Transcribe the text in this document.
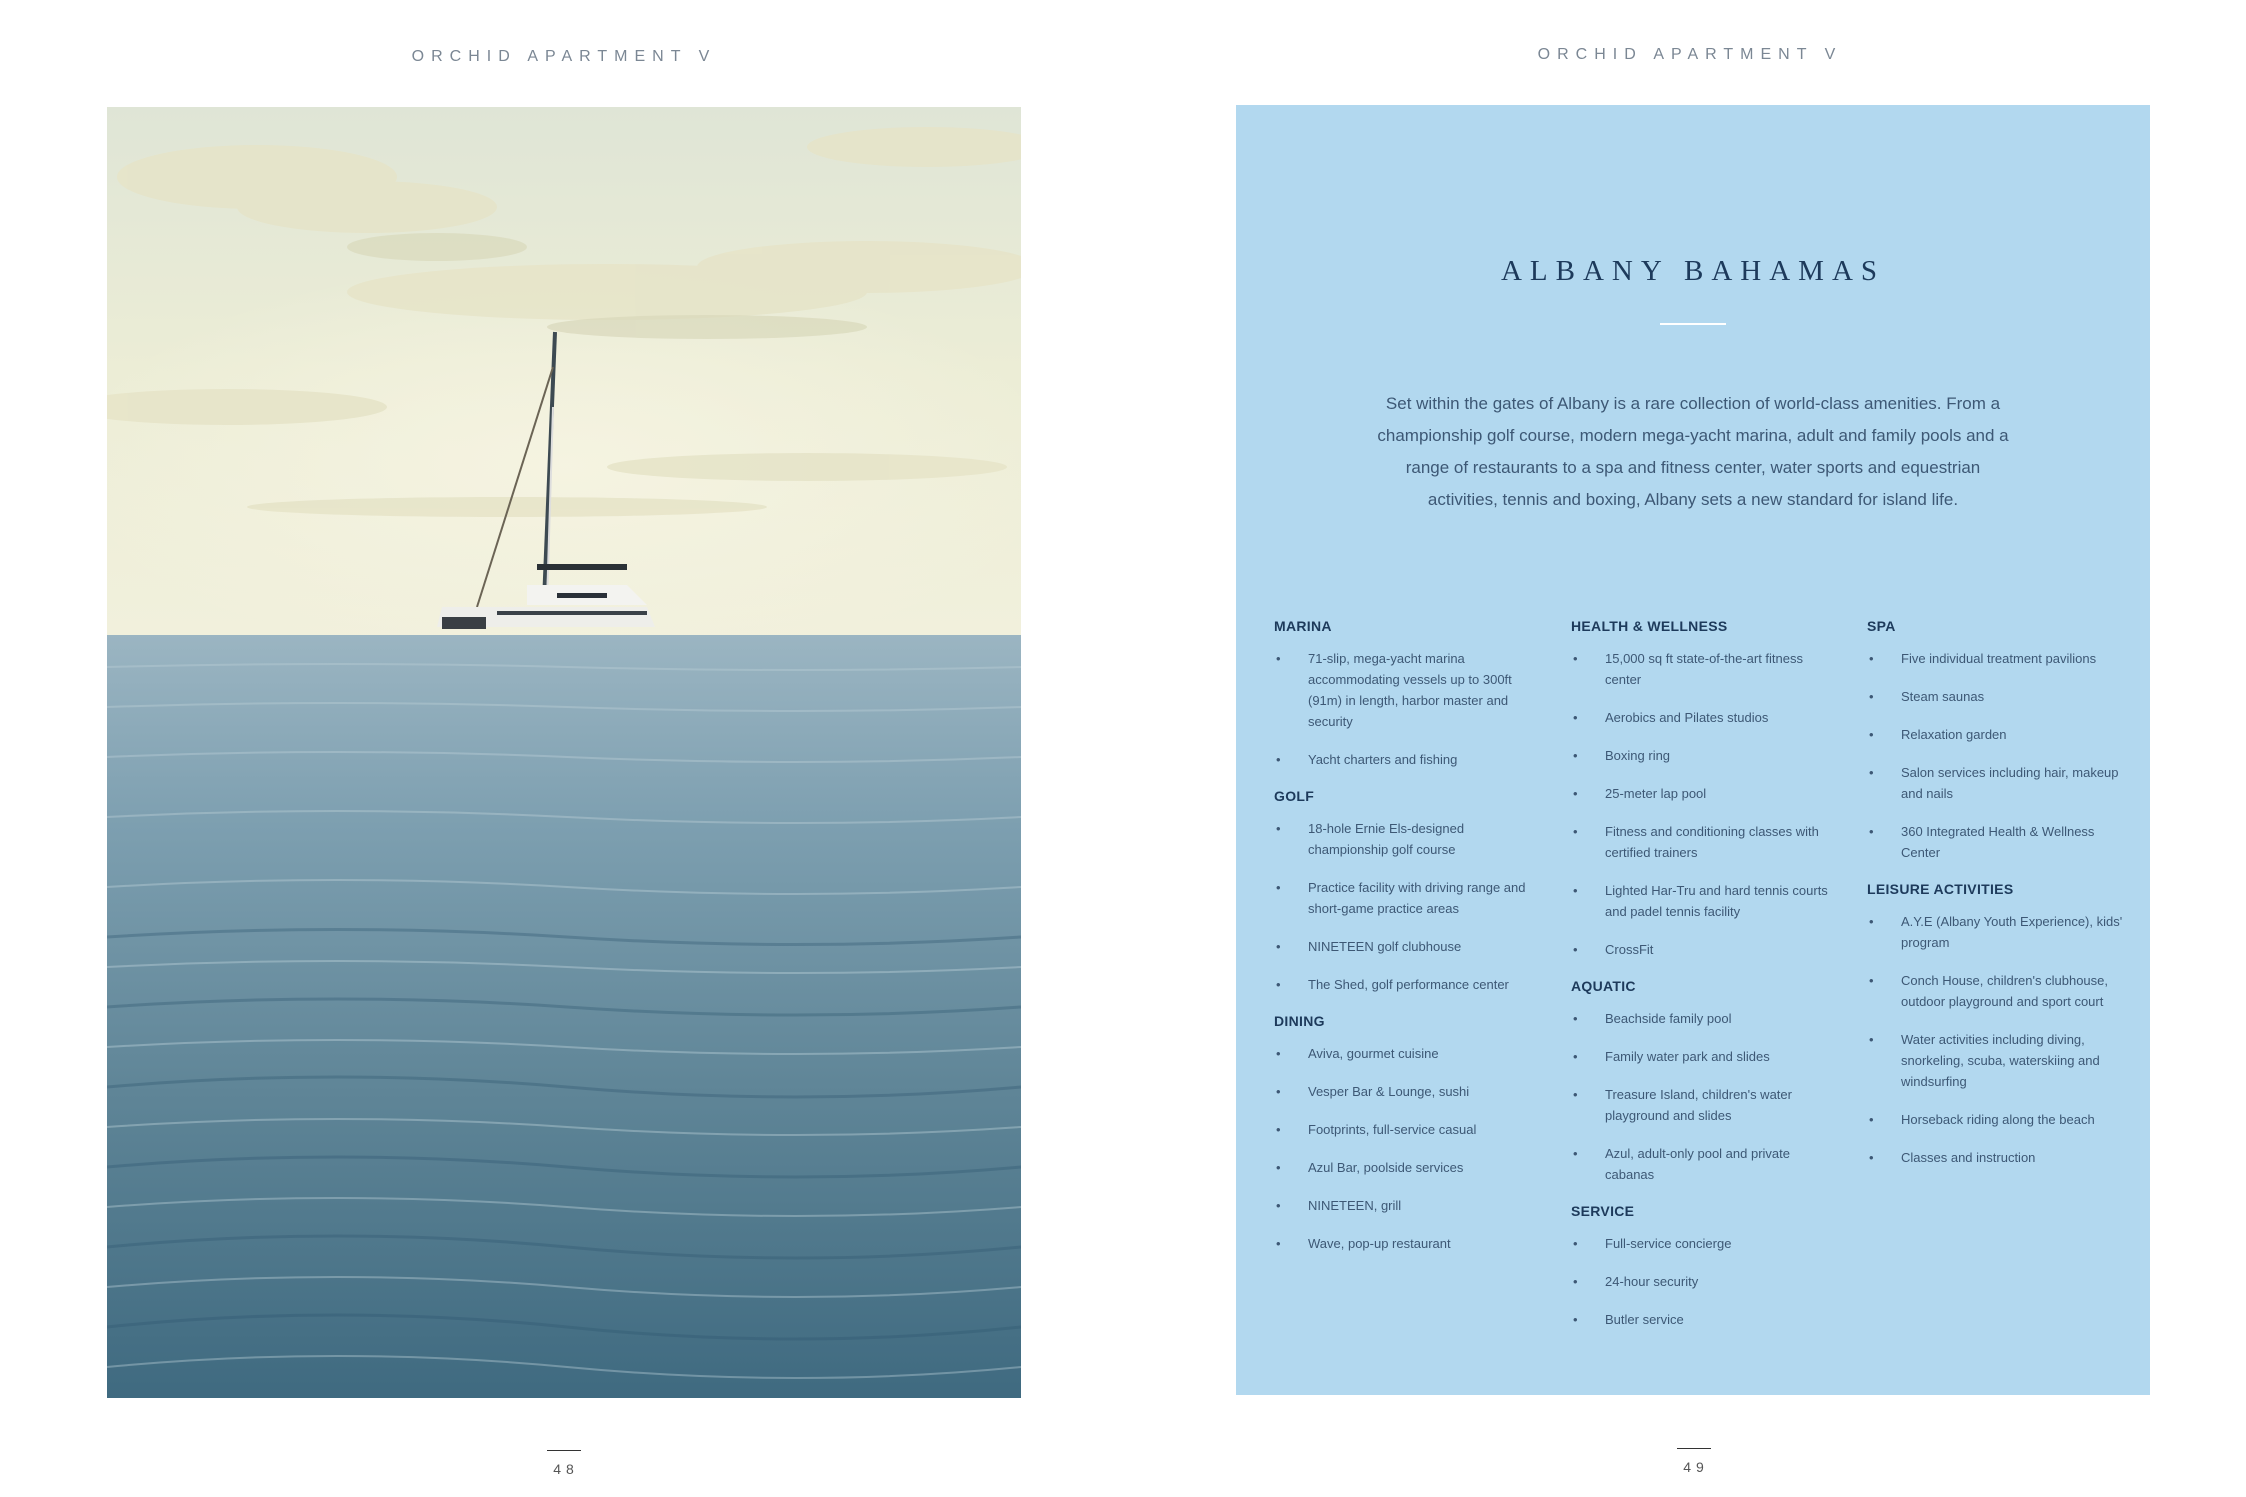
ORCHID APARTMENT V
48
ORCHID APARTMENT V
ALBANY BAHAMAS
Set within the gates of Albany is a rare collection of world-class amenities. From a championship golf course, modern mega-yacht marina, adult and family pools and a range of restaurants to a spa and fitness center, water sports and equestrian activities, tennis and boxing, Albany sets a new standard for island life.
MARINA
• 71-slip, mega-yacht marina accommodating vessels up to 300ft (91m) in length, harbor master and security
• Yacht charters and fishing
GOLF
• 18-hole Ernie Els-designed championship golf course
• Practice facility with driving range and short-game practice areas
• NINETEEN golf clubhouse
• The Shed, golf performance center
DINING
• Aviva, gourmet cuisine
• Vesper Bar & Lounge, sushi
• Footprints, full-service casual
• Azul Bar, poolside services
• NINETEEN, grill
• Wave, pop-up restaurant
HEALTH & WELLNESS
• 15,000 sq ft state-of-the-art fitness center
• Aerobics and Pilates studios
• Boxing ring
• 25-meter lap pool
• Fitness and conditioning classes with certified trainers
• Lighted Har-Tru and hard tennis courts and padel tennis facility
• CrossFit
AQUATIC
• Beachside family pool
• Family water park and slides
• Treasure Island, children's water playground and slides
• Azul, adult-only pool and private cabanas
SERVICE
• Full-service concierge
• 24-hour security
• Butler service
SPA
• Five individual treatment pavilions
• Steam saunas
• Relaxation garden
• Salon services including hair, makeup and nails
• 360 Integrated Health & Wellness Center
LEISURE ACTIVITIES
• A.Y.E (Albany Youth Experience), kids' program
• Conch House, children's clubhouse, outdoor playground and sport court
• Water activities including diving, snorkeling, scuba, waterskiing and windsurfing
• Horseback riding along the beach
• Classes and instruction
49
